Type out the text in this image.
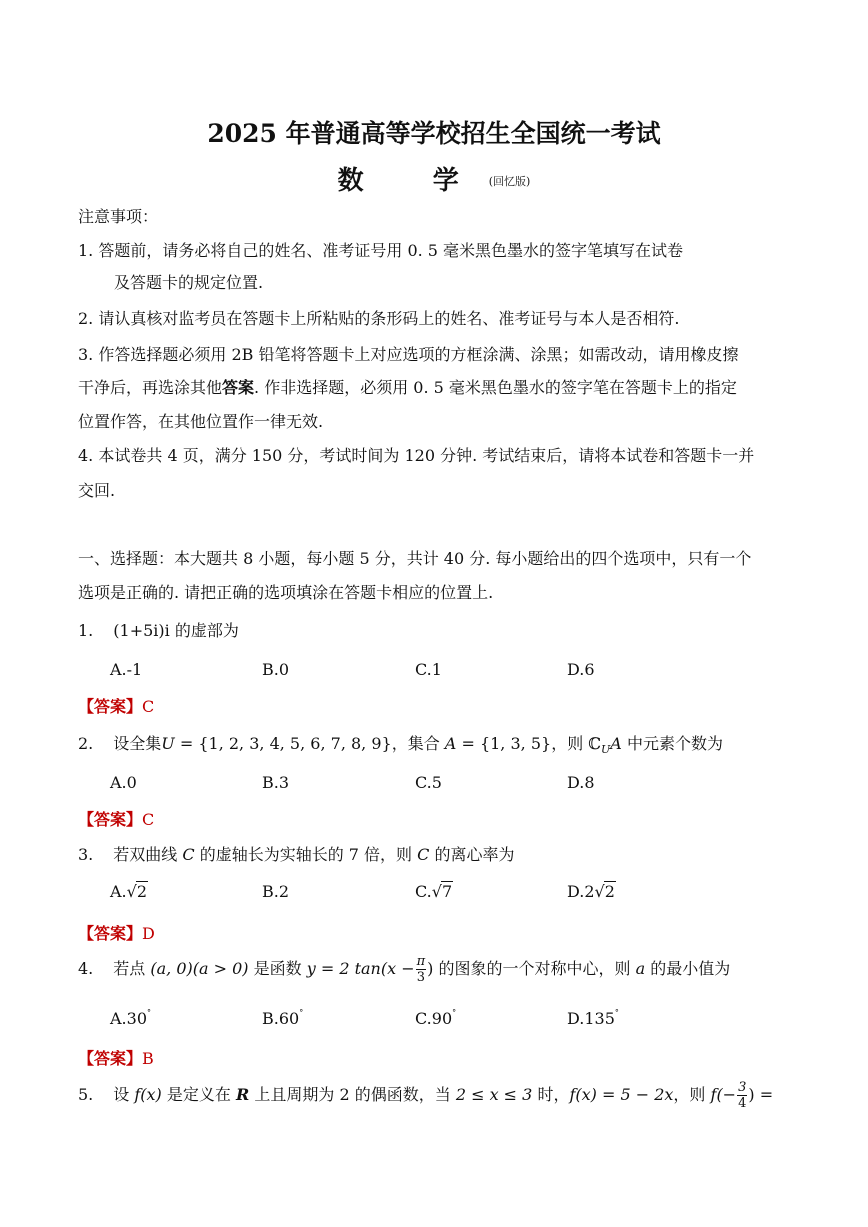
2025 年普通高等学校招生全国统一考试
数 学(回忆版)
注意事项：
1. 答题前，请务必将自己的姓名、准考证号用 0. 5 毫米黑色墨水的签字笔填写在试卷
及答题卡的规定位置.
2. 请认真核对监考员在答题卡上所粘贴的条形码上的姓名、准考证号与本人是否相符.
3. 作答选择题必须用 2B 铅笔将答题卡上对应选项的方框涂满、涂黑；如需改动，请用橡皮擦
干净后，再选涂其他答案. 作非选择题，必须用 0. 5 毫米黑色墨水的签字笔在答题卡上的指定
位置作答，在其他位置作一律无效.
4. 本试卷共 4 页，满分 150 分，考试时间为 120 分钟. 考试结束后，请将本试卷和答题卡一并
交回.
一、选择题：本大题共 8 小题，每小题 5 分，共计 40 分. 每小题给出的四个选项中，只有一个
选项是正确的. 请把正确的选项填涂在答题卡相应的位置上.
1. (1+5i)i 的虚部为
A.-1	B.0	C.1	D.6
【答案】C
2. 设全集U = {1, 2, 3, 4, 5, 6, 7, 8, 9}，集合 A = {1, 3, 5}，则 ℂ$_U$A 中元素个数为
A.0	B.3	C.5	D.8
【答案】C
3. 若双曲线 C 的虚轴长为实轴长的 7 倍，则 C 的离心率为
A.√2	B.2	C.√7	D.2√2
【答案】D
4. 若点 (a, 0)(a > 0) 是函数 y = 2 $\tan(x - \frac{\pi}{3}$ ) 的图象的一个对称中心，则 a 的最小值为
A.30°	B.60°	C.90°	D.135°
【答案】B
5. 设 f(x) 是定义在 R 上且周期为 2 的偶函数，当 2 ≤ x ≤ 3 时，f(x) = 5 − 2x，则 $f(- \frac{3}{4}$ ) =
